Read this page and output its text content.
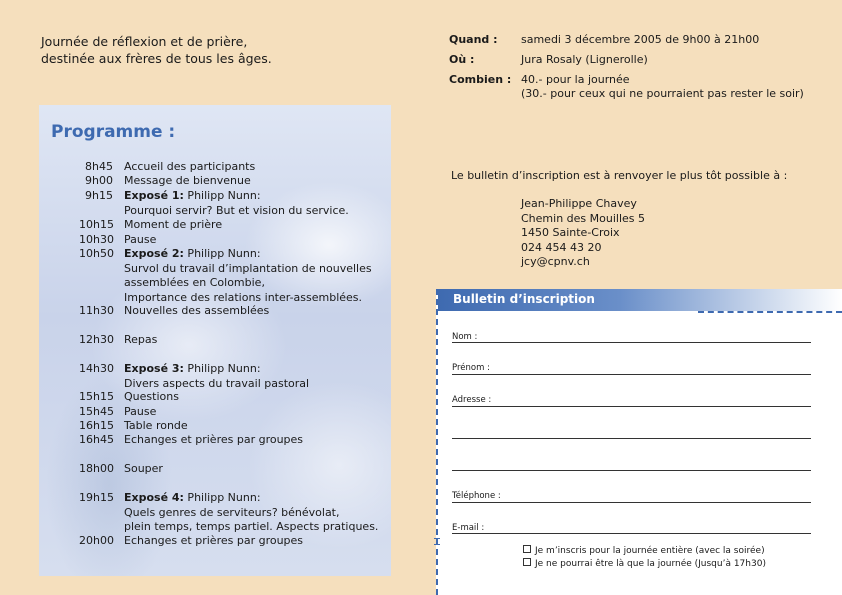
Journée de réflexion et de prière,
destinée aux frères de tous les âges.
Programme :
8h45 Accueil des participants
9h00 Message de bienvenue
9h15 Exposé 1: Philipp Nunn:
Pourquoi servir? But et vision du service.
10h15 Moment de prière
10h30 Pause
10h50 Exposé 2: Philipp Nunn:
Survol du travail d’implantation de nouvelles
assemblées en Colombie,
Importance des relations inter-assemblées.
11h30 Nouvelles des assemblées
12h30 Repas
14h30 Exposé 3: Philipp Nunn:
Divers aspects du travail pastoral
15h15 Questions
15h45 Pause
16h15 Table ronde
16h45 Echanges et prières par groupes
18h00 Souper
19h15 Exposé 4: Philipp Nunn:
Quels genres de serviteurs? bénévolat,
plein temps, temps partiel. Aspects pratiques.
20h00 Echanges et prières par groupes
Quand : samedi 3 décembre 2005 de 9h00 à 21h00
Où :	Jura Rosaly (Lignerolle)
Combien : 40.- pour la journée
(30.- pour ceux qui ne pourraient pas rester le soir)
Le bulletin d’inscription est à renvoyer le plus tôt possible à :
Jean-Philippe Chavey
Chemin des Mouilles 5
1450 Sainte-Croix
024 454 43 20
jcy@cpnv.ch
Bulletin d’inscription
Nom :
Prénom :
Adresse :
Téléphone :
E-mail :
Je m’inscris pour la journée entière (avec la soirée)
Je ne pourrai être là que la journée (Jusqu’à 17h30)
